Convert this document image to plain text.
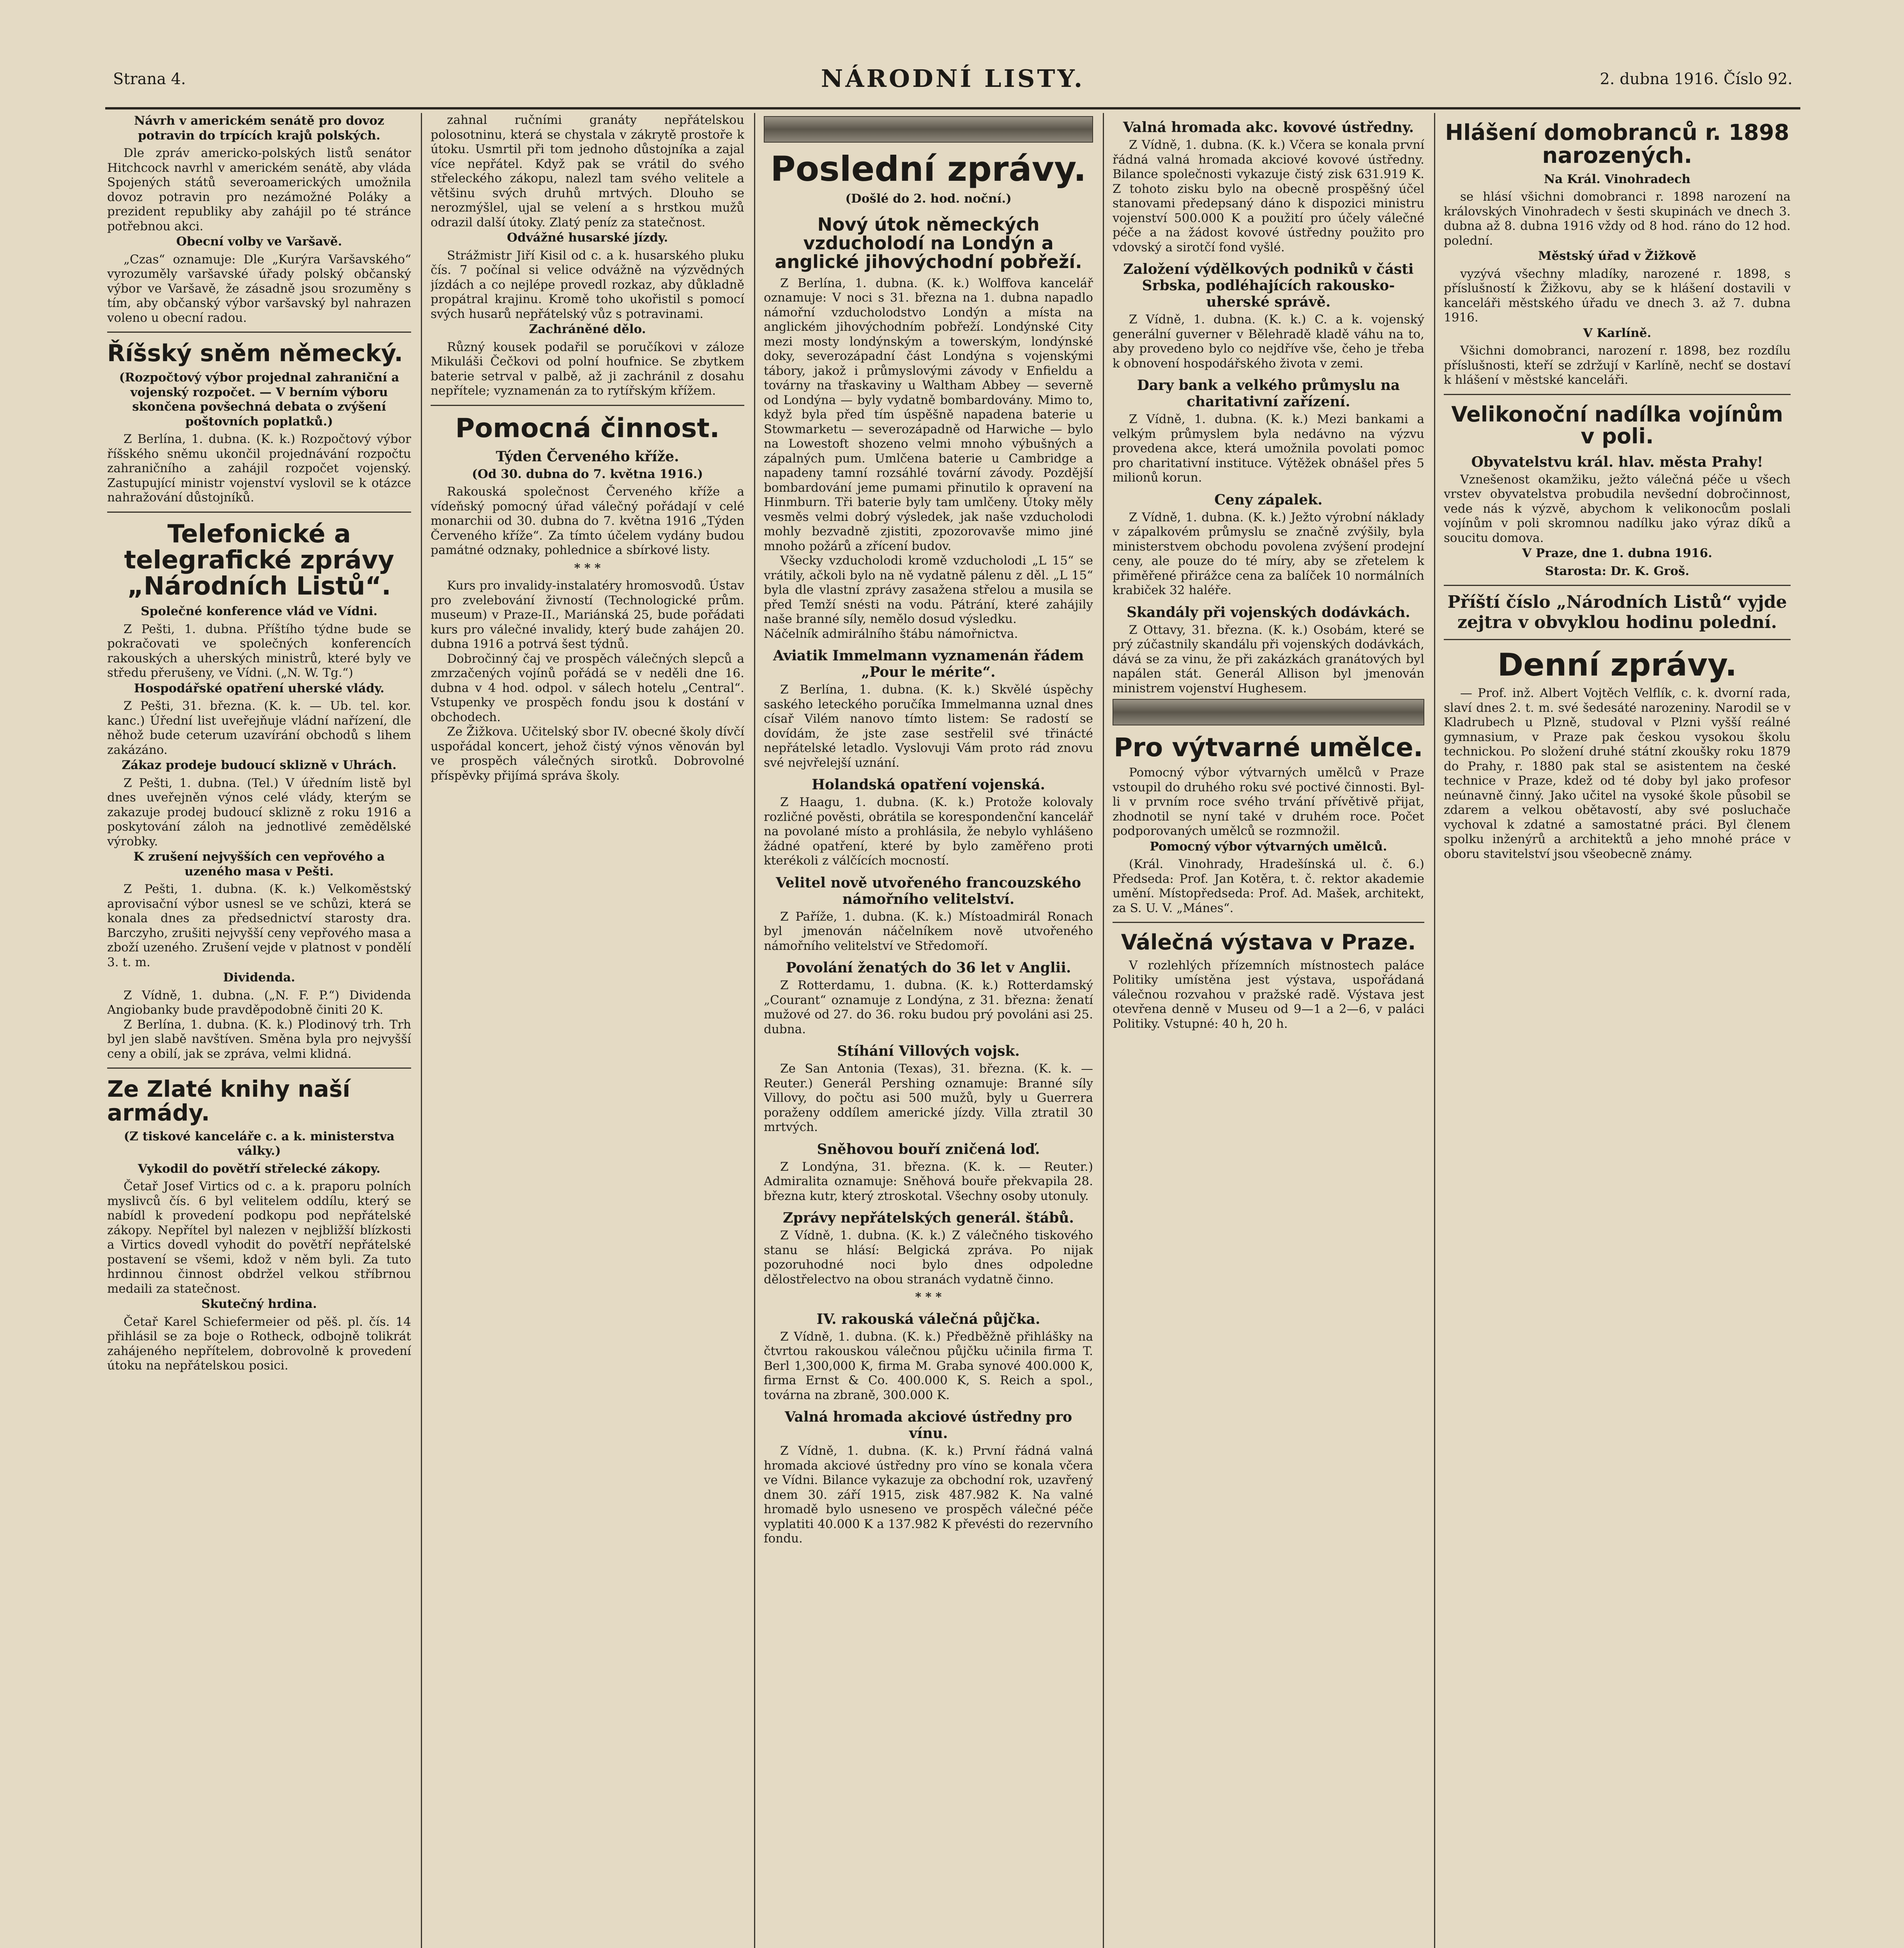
Strana 4.	NÁRODNÍ LISTY.	2. dubna 1916. Číslo 92.

Návrh v americkém senátě pro dovoz potravin do trpících krajů polských.

Dle zpráv americko-polských listů senátor Hitchcock navrhl v americkém senátě, aby vláda Spojených států severoamerických umožnila dovoz potravin pro nezámožné Poláky a prezident republiky aby zahájil po té stránce potřebnou akci.

Obecní volby ve Varšavě.

„Czas“ oznamuje: Dle „Kurýra Varšavského“ vyrozuměly varšavské úřady polský občanský výbor ve Varšavě, že zásadně jsou srozuměny s tím, aby občanský výbor varšavský byl nahrazen voleno u obecní radou.

Říšský sněm německý.

(Rozpočtový výbor projednal zahraniční a vojenský rozpočet. — V berním výboru skončena povšechná debata o zvýšení poštovních poplatků.)

Z Berlína, 1. dubna. (K. k.) Rozpočtový výbor říšského sněmu ukončil projednávání rozpočtu zahraničního a zahájil rozpočet vojenský. Zastupující ministr vojenství vyslovil se k otázce nahražování důstojníků.

Telefonické a telegrafické zprávy „Národních Listů“.

Společné konference vlád ve Vídni.

Z Pešti, 1. dubna. Příštího týdne bude se pokračovati ve společných konferencích rakouských a uherských ministrů, které byly ve středu přerušeny, ve Vídni. („N. W. Tg.“)

Hospodářské opatření uherské vlády.

Z Pešti, 31. března. (K. k. — Ub. tel. kor. kanc.) Úřední list uveřejňuje vládní nařízení, dle něhož bude ceterum uzavírání obchodů s lihem zakázáno.

Zákaz prodeje budoucí sklizně v Uhrách.

Z Pešti, 1. dubna. (Tel.) V úředním listě byl dnes uveřejněn výnos celé vlády, kterým se zakazuje prodej budoucí sklizně z roku 1916 a poskytování záloh na jednotlivé zemědělské výrobky.

K zrušení nejvyšších cen vepřového a uzeného masa v Pešti.

Z Pešti, 1. dubna. (K. k.) Velkoměstský aprovisační výbor usnesl se ve schůzi, která se konala dnes za předsednictví starosty dra. Barczyho, zrušiti nejvyšší ceny vepřového masa a zboží uzeného. Zrušení vejde v platnost v pondělí 3. t. m.

Dividenda.

Z Vídně, 1. dubna. („N. F. P.“) Dividenda Angiobanky bude pravděpodobně činiti 20 K.

Z Berlína, 1. dubna. (K. k.) Plodinový trh. Trh byl jen slabě navštíven. Směna byla pro nejvyšší ceny a obilí, jak se zpráva, velmi klidná.

Ze Zlaté knihy naší armády.

(Z tiskové kanceláře c. a k. ministerstva války.)

Vykodil do povětří střelecké zákopy.

Četař Josef Virtics od c. a k. praporu polních myslivců čís. 6 byl velitelem oddílu, který se nabídl k provedení podkopu pod nepřátelské zákopy. Nepřítel byl nalezen v nejbližší blízkosti a Virtics dovedl vyhodit do povětří nepřátelské postavení se všemi, kdož v něm byli. Za tuto hrdinnou činnost obdržel velkou stříbrnou medaili za statečnost.

Skutečný hrdina.

Četař Karel Schiefermeier od pěš. pl. čís. 14 přihlásil se za boje o Rotheck, odbojně tolikrát zahájeného nepřítelem, dobrovolně k provedení útoku na nepřátelskou posici.

zahnal ručními granáty nepřátelskou polosotninu, která se chystala v zákrytě prostoře k útoku. Usmrtil při tom jednoho důstojníka a zajal více nepřátel. Když pak se vrátil do svého střeleckého zákopu, nalezl tam svého velitele a většinu svých druhů mrtvých. Dlouho se nerozmýšlel, ujal se velení a s hrstkou mužů odrazil další útoky. Zlatý peníz za statečnost.

Odvážné husarské jízdy.

Strážmistr Jiří Kisil od c. a k. husarského pluku čís. 7 počínal si velice odvážně na výzvědných jízdách a co nejlépe provedl rozkaz, aby důkladně propátral krajinu. Kromě toho ukořistil s pomocí svých husarů nepřátelský vůz s potravinami.

Zachráněné dělo.

Různý kousek podařil se poručíkovi v záloze Mikuláši Čečkovi od polní houfnice. Se zbytkem baterie setrval v palbě, až ji zachránil z dosahu nepřítele; vyznamenán za to rytířským křížem.

Pomocná činnost.

Týden Červeného kříže.

(Od 30. dubna do 7. května 1916.)

Rakouská společnost Červeného kříže a vídeňský pomocný úřad válečný pořádají v celé monarchii od 30. dubna do 7. května 1916 „Týden Červeného kříže“. Za tímto účelem vydány budou památné odznaky, pohlednice a sbírkové listy.

* * *

Kurs pro invalidy-instalatéry hromosvodů. Ústav pro zvelebování živností (Technologické prům. museum) v Praze-II., Mariánská 25, bude pořádati kurs pro válečné invalidy, který bude zahájen 20. dubna 1916 a potrvá šest týdnů.

Dobročinný čaj ve prospěch válečných slepců a zmrzačených vojínů pořádá se v neděli dne 16. dubna v 4 hod. odpol. v sálech hotelu „Central“. Vstupenky ve prospěch fondu jsou k dostání v obchodech.

Ze Žižkova. Učitelský sbor IV. obecné školy dívčí uspořádal koncert, jehož čistý výnos věnován byl ve prospěch válečných sirotků. Dobrovolné příspěvky přijímá správa školy.

Poslední zprávy.

(Došlé do 2. hod. noční.)

Nový útok německých vzducholodí na Londýn a anglické jihovýchodní pobřeží.

Z Berlína, 1. dubna. (K. k.) Wolffova kancelář oznamuje: V noci s 31. března na 1. dubna napadlo námořní vzducholodstvo Londýn a místa na anglickém jihovýchodním pobřeží. Londýnské City mezi mosty londýnským a towerským, londýnské doky, severozápadní část Londýna s vojenskými tábory, jakož i průmyslovými závody v Enfieldu a továrny na třaskaviny u Waltham Abbey — severně od Londýna — byly vydatně bombardovány. Mimo to, když byla před tím úspěšně napadena baterie u Stowmarketu — severozápadně od Harwiche — bylo na Lowestoft shozeno velmi mnoho výbušných a zápalných pum. Umlčena baterie u Cambridge a napadeny tamní rozsáhlé tovární závody. Pozdější bombardování jeme pumami přinutilo k opravení na Hinmburn. Tři baterie byly tam umlčeny. Útoky měly vesměs velmi dobrý výsledek, jak naše vzducholodi mohly bezvadně zjistiti, zpozorovavše mimo jiné mnoho požárů a zřícení budov.

Všecky vzducholodi kromě vzducholodi „L 15“ se vrátily, ačkoli bylo na ně vydatně pálenu z děl. „L 15“ byla dle vlastní zprávy zasažena střelou a musila se před Temží snésti na vodu. Pátrání, které zahájily naše branné síly, nemělo dosud výsledku.

Náčelník admirálního štábu námořnictva.

Aviatik Immelmann vyznamenán řádem „Pour le mérite“.

Z Berlína, 1. dubna. (K. k.) Skvělé úspěchy saského leteckého poručíka Immelmanna uznal dnes císař Vilém nanovo tímto listem: Se radostí se dovídám, že jste zase sestřelil své třinácté nepřátelské letadlo. Vyslovuji Vám proto rád znovu své nejvřelejší uznání.

Holandská opatření vojenská.

Z Haagu, 1. dubna. (K. k.) Protože kolovaly rozličné pověsti, obrátila se korespondenční kancelář na povolané místo a prohlásila, že nebylo vyhlášeno žádné opatření, které by bylo zaměřeno proti kterékoli z válčících mocností.

Velitel nově utvořeného francouzského námořního velitelství.

Z Paříže, 1. dubna. (K. k.) Místoadmirál Ronach byl jmenován náčelníkem nově utvořeného námořního velitelství ve Středomoří.

Povolání ženatých do 36 let v Anglii.

Z Rotterdamu, 1. dubna. (K. k.) Rotterdamský „Courant“ oznamuje z Londýna, z 31. března: ženatí mužové od 27. do 36. roku budou prý povoláni asi 25. dubna.

Stíhání Villových vojsk.

Ze San Antonia (Texas), 31. března. (K. k. — Reuter.) Generál Pershing oznamuje: Branné síly Villovy, do počtu asi 500 mužů, byly u Guerrera poraženy oddílem americké jízdy. Villa ztratil 30 mrtvých.

Sněhovou bouří zničená loď.

Z Londýna, 31. března. (K. k. — Reuter.) Admiralita oznamuje: Sněhová bouře překvapila 28. března kutr, který ztroskotal. Všechny osoby utonuly.

Zprávy nepřátelských generál. štábů.

Z Vídně, 1. dubna. (K. k.) Z válečného tiskového stanu se hlásí: Belgická zpráva. Po nijak pozoruhodné noci bylo dnes odpoledne dělostřelectvo na obou stranách vydatně činno.

* * *

IV. rakouská válečná půjčka.

Z Vídně, 1. dubna. (K. k.) Předběžně přihlášky na čtvrtou rakouskou válečnou půjčku učinila firma T. Berl 1,300,000 K, firma M. Graba synové 400.000 K, firma Ernst & Co. 400.000 K, S. Reich a spol., továrna na zbraně, 300.000 K.

Valná hromada akciové ústředny pro vínu.

Z Vídně, 1. dubna. (K. k.) První řádná valná hromada akciové ústředny pro víno se konala včera ve Vídni. Bilance vykazuje za obchodní rok, uzavřený dnem 30. září 1915, zisk 487.982 K. Na valné hromadě bylo usneseno ve prospěch válečné péče vyplatiti 40.000 K a 137.982 K převésti do rezervního fondu.

Valná hromada akc. kovové ústředny.

Z Vídně, 1. dubna. (K. k.) Včera se konala první řádná valná hromada akciové kovové ústředny. Bilance společnosti vykazuje čistý zisk 631.919 K. Z tohoto zisku bylo na obecně prospěšný účel stanovami předepsaný dáno k dispozici ministru vojenství 500.000 K a použití pro účely válečné péče a na žádost kovové ústředny použito pro vdovský a sirotčí fond vyšlé.

Založení výdělkových podniků v části Srbska, podléhajících rakousko-uherské správě.

Z Vídně, 1. dubna. (K. k.) C. a k. vojenský generální guverner v Bělehradě kladě váhu na to, aby provedeno bylo co nejdříve vše, čeho je třeba k obnovení hospodářského života v zemi.

Dary bank a velkého průmyslu na charitativní zařízení.

Z Vídně, 1. dubna. (K. k.) Mezi bankami a velkým průmyslem byla nedávno na výzvu provedena akce, která umožnila povolati pomoc pro charitativní instituce. Výtěžek obnášel přes 5 milionů korun.

Ceny zápalek.

Z Vídně, 1. dubna. (K. k.) Ježto výrobní náklady v zápalkovém průmyslu se značně zvýšily, byla ministerstvem obchodu povolena zvýšení prodejní ceny, ale pouze do té míry, aby se zřetelem k přiměřené přirážce cena za balíček 10 normálních krabiček 32 haléře.

Skandály při vojenských dodávkách.

Z Ottavy, 31. března. (K. k.) Osobám, které se prý zúčastnily skandálu při vojenských dodávkách, dává se za vinu, že při zakázkách granátových byl napálen stát. Generál Allison byl jmenován ministrem vojenství Hughesem.

Pro výtvarné umělce.

Pomocný výbor výtvarných umělců v Praze vstoupil do druhého roku své poctivé činnosti. Byl-li v prvním roce svého trvání přívětivě přijat, zhodnotil se nyní také v druhém roce. Počet podporovaných umělců se rozmnožil.

Pomocný výbor výtvarných umělců.

(Král. Vinohrady, Hradešínská ul. č. 6.) Předseda: Prof. Jan Kotěra, t. č. rektor akademie umění. Místopředseda: Prof. Ad. Mašek, architekt, za S. U. V. „Mánes“.

Válečná výstava v Praze.

V rozlehlých přízemních místnostech paláce Politiky umístěna jest výstava, uspořádaná válečnou rozvahou v pražské radě. Výstava jest otevřena denně v Museu od 9—1 a 2—6, v paláci Politiky. Vstupné: 40 h, 20 h.

Hlášení domobranců r. 1898 narozených.

Na Král. Vinohradech

se hlásí všichni domobranci r. 1898 narození na královských Vinohradech v šesti skupinách ve dnech 3. dubna až 8. dubna 1916 vždy od 8 hod. ráno do 12 hod. polední.

Městský úřad v Žižkově

vyzývá všechny mladíky, narozené r. 1898, s příslušností k Žižkovu, aby se k hlášení dostavili v kanceláři městského úřadu ve dnech 3. až 7. dubna 1916.

V Karlíně.

Všichni domobranci, narození r. 1898, bez rozdílu příslušnosti, kteří se zdržují v Karlíně, nechť se dostaví k hlášení v městské kanceláři.

Velikonoční nadílka vojínům v poli.

Obyvatelstvu král. hlav. města Prahy!

Vznešenost okamžiku, ježto válečná péče u všech vrstev obyvatelstva probudila nevšední dobročinnost, vede nás k výzvě, abychom k velikonocům poslali vojínům v poli skromnou nadílku jako výraz díků a soucitu domova.

V Praze, dne 1. dubna 1916.

Starosta: Dr. K. Groš.

Příští číslo „Národních Listů“ vyjde zejtra v obvyklou hodinu polední.

Denní zprávy.

— Prof. inž. Albert Vojtěch Velflík, c. k. dvorní rada, slaví dnes 2. t. m. své šedesáté narozeniny. Narodil se v Kladrubech u Plzně, studoval v Plzni vyšší reálné gymnasium, v Praze pak českou vysokou školu technickou. Po složení druhé státní zkoušky roku 1879 do Prahy, r. 1880 pak stal se asistentem na české technice v Praze, kdež od té doby byl jako profesor neúnavně činný. Jako učitel na vysoké škole působil se zdarem a velkou obětavostí, aby své posluchače vychoval k zdatné a samostatné práci. Byl členem spolku inženýrů a architektů a jeho mnohé práce v oboru stavitelství jsou všeobecně známy.
